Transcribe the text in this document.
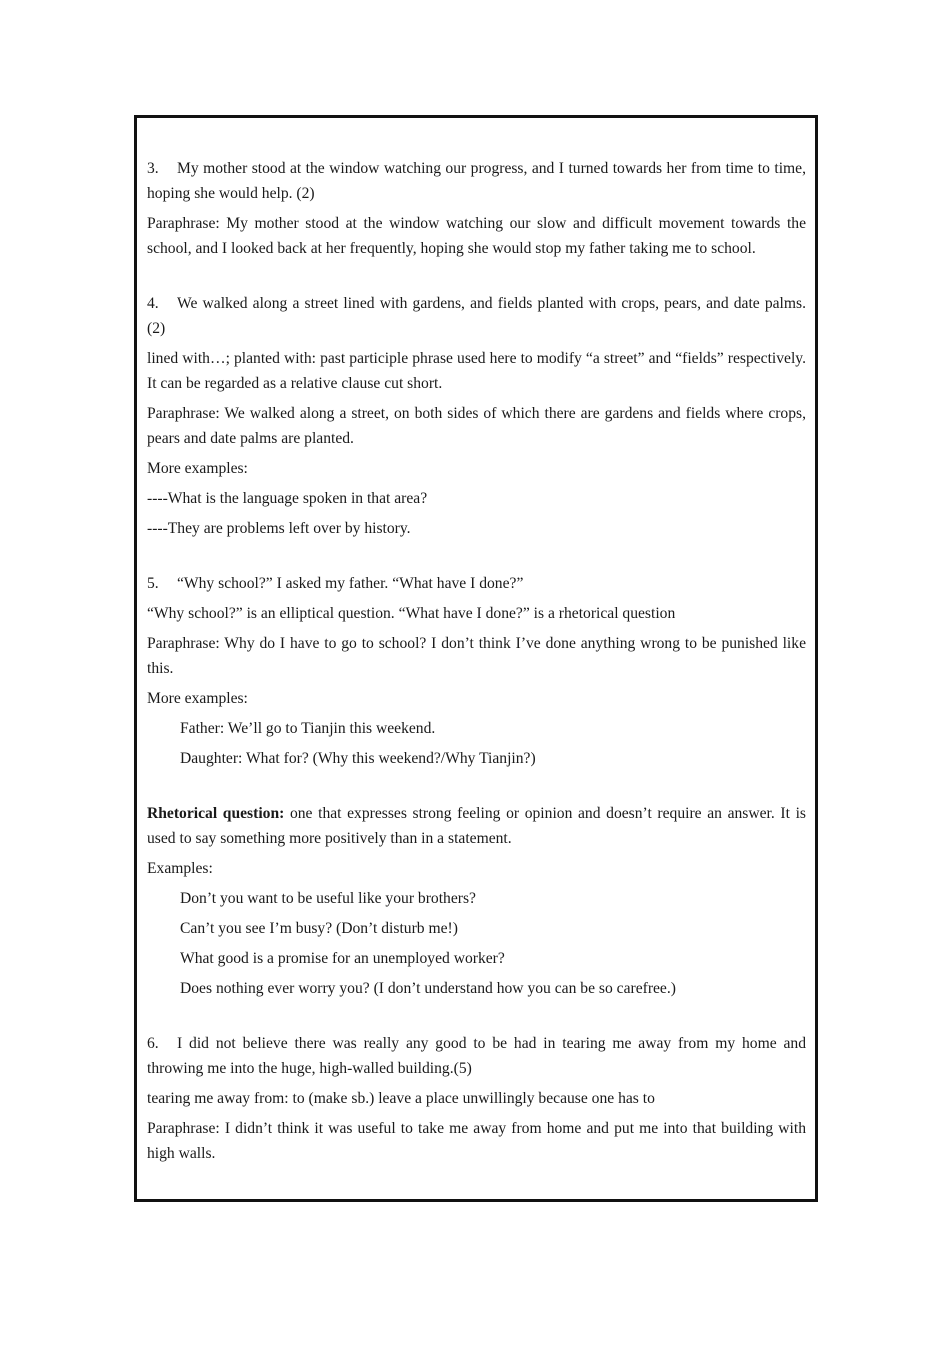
3. My mother stood at the window watching our progress, and I turned towards her from time to time, hoping she would help. (2)

Paraphrase: My mother stood at the window watching our slow and difficult movement towards the school, and I looked back at her frequently, hoping she would stop my father taking me to school.

4. We walked along a street lined with gardens, and fields planted with crops, pears, and date palms. (2)

lined with…; planted with: past participle phrase used here to modify “a street” and “fields” respectively. It can be regarded as a relative clause cut short.

Paraphrase: We walked along a street, on both sides of which there are gardens and fields where crops, pears and date palms are planted.

More examples:

----What is the language spoken in that area?

----They are problems left over by history.

5. “Why school?” I asked my father. “What have I done?”

“Why school?” is an elliptical question. “What have I done?” is a rhetorical question

Paraphrase: Why do I have to go to school? I don’t think I’ve done anything wrong to be punished like this.

More examples:

Father: We’ll go to Tianjin this weekend.

Daughter: What for? (Why this weekend?/Why Tianjin?)

Rhetorical question: one that expresses strong feeling or opinion and doesn’t require an answer. It is used to say something more positively than in a statement.

Examples:

Don’t you want to be useful like your brothers?

Can’t you see I’m busy? (Don’t disturb me!)

What good is a promise for an unemployed worker?

Does nothing ever worry you? (I don’t understand how you can be so carefree.)

6. I did not believe there was really any good to be had in tearing me away from my home and throwing me into the huge, high-walled building.(5)

tearing me away from: to (make sb.) leave a place unwillingly because one has to

Paraphrase: I didn’t think it was useful to take me away from home and put me into that building with high walls.
